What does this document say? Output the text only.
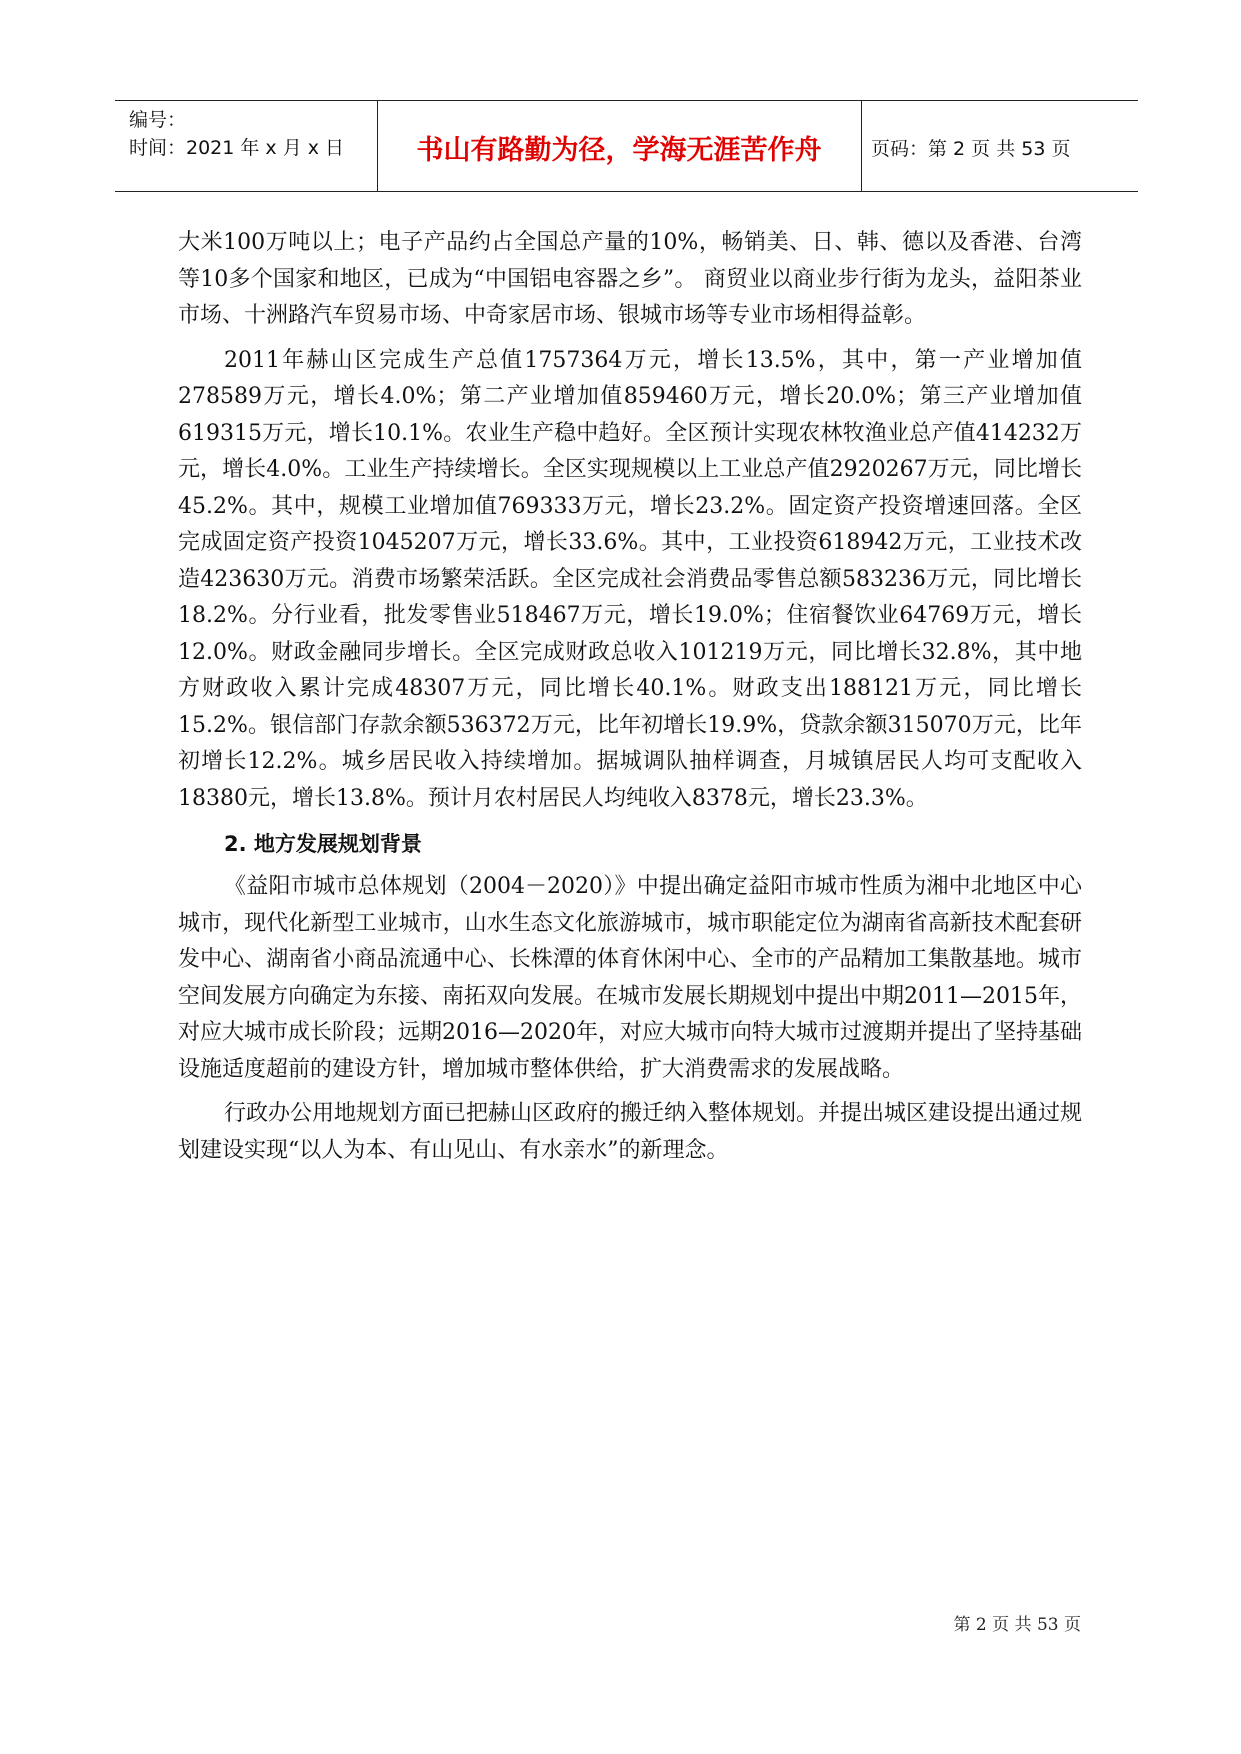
编号：
时间：2021 年 x 月 x 日	书山有路勤为径，学海无涯苦作舟	页码：第 2 页 共 53 页

大米100万吨以上；电子产品约占全国总产量的10%，畅销美、日、韩、德以及香港、台湾等10多个国家和地区，已成为“中国铝电容器之乡”。 商贸业以商业步行街为龙头，益阳茶业市场、十洲路汽车贸易市场、中奇家居市场、银城市场等专业市场相得益彰。

2011年赫山区完成生产总值1757364万元，增长13.5%，其中，第一产业增加值278589万元，增长4.0%；第二产业增加值859460万元，增长20.0%；第三产业增加值619315万元，增长10.1%。农业生产稳中趋好。全区预计实现农林牧渔业总产值414232万元，增长4.0%。工业生产持续增长。全区实现规模以上工业总产值2920267万元，同比增长45.2%。其中，规模工业增加值769333万元，增长23.2%。固定资产投资增速回落。全区完成固定资产投资1045207万元，增长33.6%。其中，工业投资618942万元，工业技术改造423630万元。消费市场繁荣活跃。全区完成社会消费品零售总额583236万元，同比增长18.2%。分行业看，批发零售业518467万元，增长19.0%；住宿餐饮业64769万元，增长12.0%。财政金融同步增长。全区完成财政总收入101219万元，同比增长32.8%，其中地方财政收入累计完成48307万元，同比增长40.1%。财政支出188121万元，同比增长15.2%。银信部门存款余额536372万元，比年初增长19.9%，贷款余额315070万元，比年初增长12.2%。城乡居民收入持续增加。据城调队抽样调查，月城镇居民人均可支配收入18380元，增长13.8%。预计月农村居民人均纯收入8378元，增长23.3%。

2. 地方发展规划背景

《益阳市城市总体规划（2004－2020）》中提出确定益阳市城市性质为湘中北地区中心城市，现代化新型工业城市，山水生态文化旅游城市，城市职能定位为湖南省高新技术配套研发中心、湖南省小商品流通中心、长株潭的体育休闲中心、全市的产品精加工集散基地。城市空间发展方向确定为东接、南拓双向发展。在城市发展长期规划中提出中期2011—2015年，对应大城市成长阶段；远期2016—2020年，对应大城市向特大城市过渡期并提出了坚持基础设施适度超前的建设方针，增加城市整体供给，扩大消费需求的发展战略。

行政办公用地规划方面已把赫山区政府的搬迁纳入整体规划。并提出城区建设提出通过规划建设实现“以人为本、有山见山、有水亲水”的新理念。

第 2 页 共 53 页
